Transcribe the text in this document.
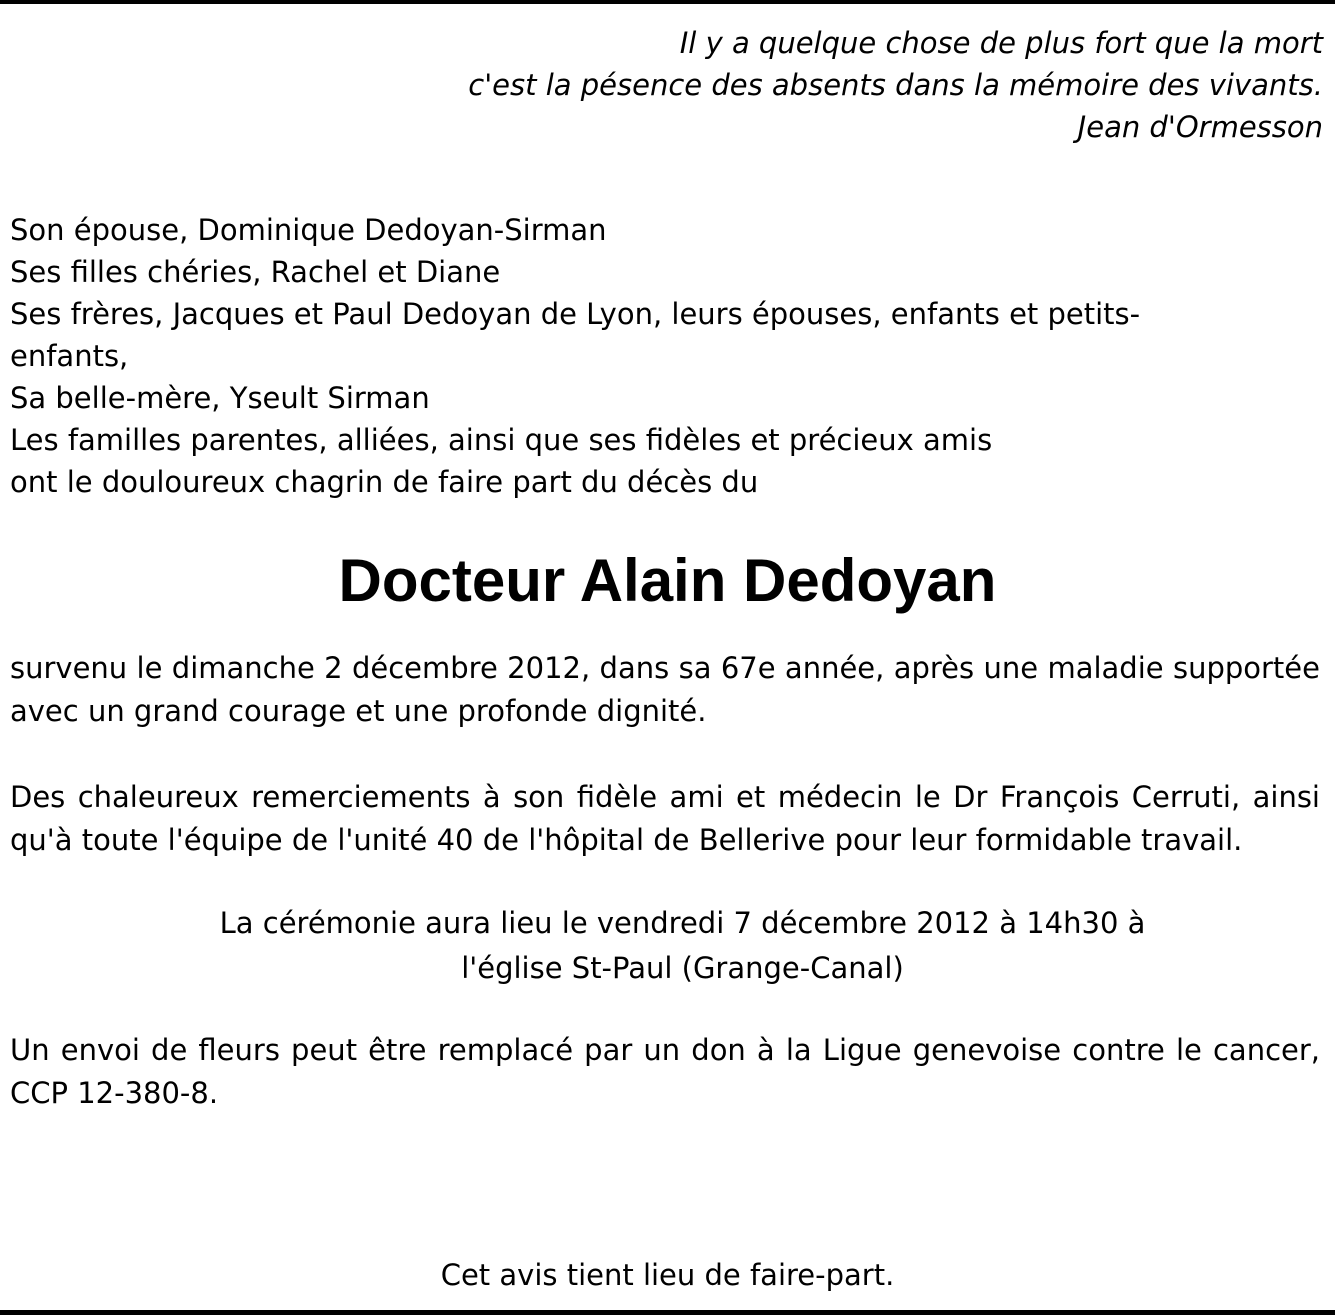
Il y a quelque chose de plus fort que la mort
c'est la pésence des absents dans la mémoire des vivants.
Jean d'Ormesson
Son épouse, Dominique Dedoyan-Sirman
Ses filles chéries, Rachel et Diane
Ses frères, Jacques et Paul Dedoyan de Lyon, leurs épouses, enfants et petits-
enfants,
Sa belle-mère, Yseult Sirman
Les familles parentes, alliées, ainsi que ses fidèles et précieux amis
ont le douloureux chagrin de faire part du décès du
Docteur Alain Dedoyan
survenu le dimanche 2 décembre 2012, dans sa 67e année, après une maladie supportée avec un grand courage et une profonde dignité.
Des chaleureux remerciements à son fidèle ami et médecin le Dr François Cerruti, ainsi qu'à toute l'équipe de l'unité 40 de l'hôpital de Bellerive pour leur formidable travail.
La cérémonie aura lieu le vendredi 7 décembre 2012 à 14h30 à
l'église St-Paul (Grange-Canal)
Un envoi de fleurs peut être remplacé par un don à la Ligue genevoise contre le cancer, CCP 12-380-8.
Cet avis tient lieu de faire-part.
